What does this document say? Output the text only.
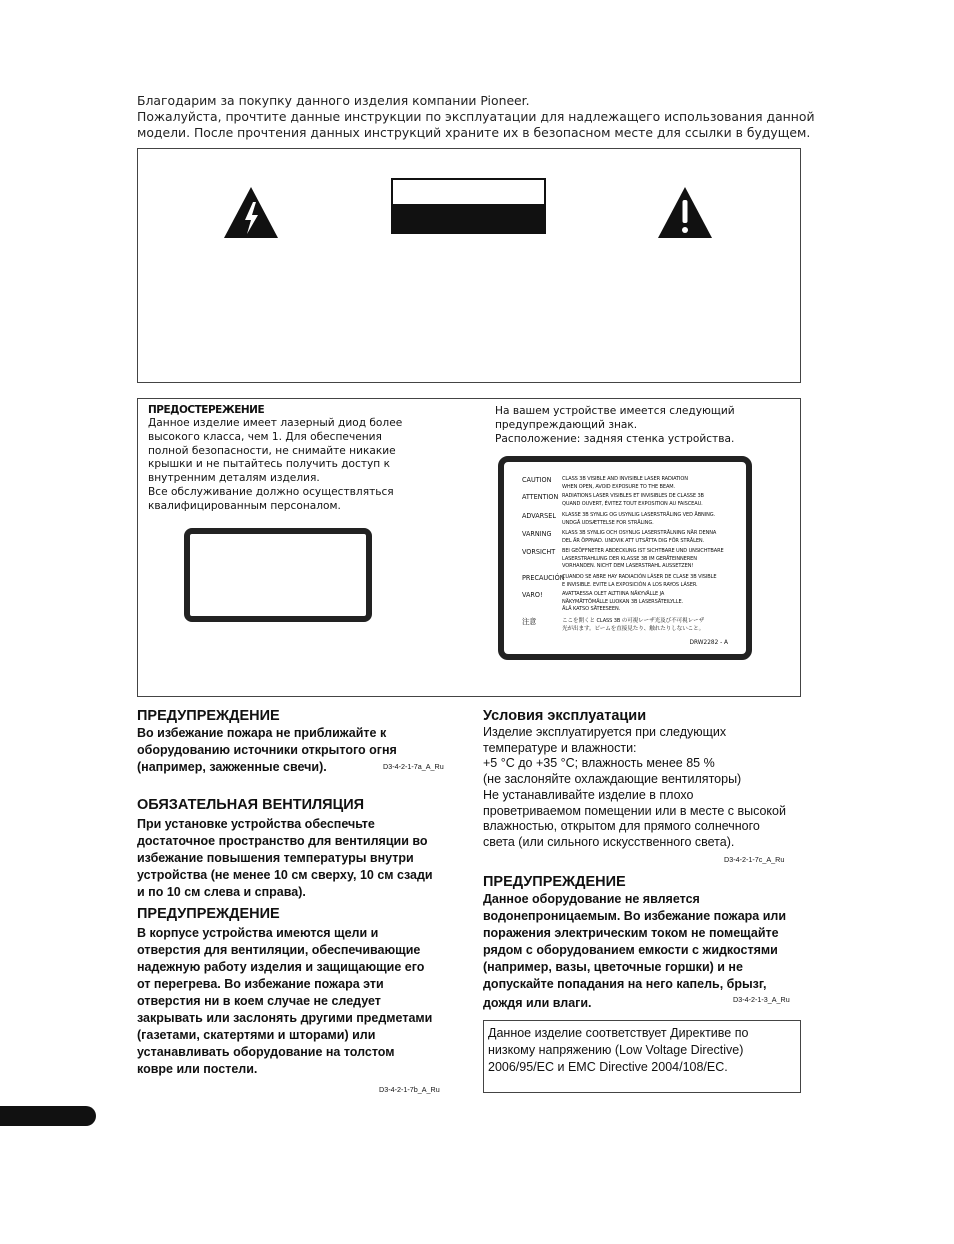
Благодарим за покупку данного изделия компании Pioneer.
Пожалуйста, прочтите данные инструкции по эксплуатации для надлежащего использования данной
модели. После прочтения данных инструкций храните их в безопасном месте для ссылки в будущем.
ПРЕДОСТЕРЕЖЕНИЕ
Данное изделие имеет лазерный диод более
высокого класса, чем 1. Для обеспечения
полной безопасности, не снимайте никакие
крышки и не пытайтесь получить доступ к
внутренним деталям изделия.
Все обслуживание должно осуществляться
квалифицированным персоналом.
На вашем устройстве имеется следующий
предупреждающий знак.
Расположение: задняя стенка устройства.
CAUTION	CLASS 3B VISIBLE AND INVISIBLE LASER RADIATION
WHEN OPEN, AVOID EXPOSURE TO THE BEAM.
ATTENTION RADIATIONS LASER VISIBLES ET INVISIBLES DE CLASSE 3B
QUAND OUVERT, ÉVITEZ TOUT EXPOSITION AU FAISCEAU.
ADVARSEL	KLASSE 3B SYNLIG OG USYNLIG LASERSTRÅLING VED ÅBNING.
UNDGÅ UDSÆTTELSE FOR STRÅLING.
VARNING	KLASS 3B SYNLIG OCH OSYNLIG LASERSTRÅLNING NÄR DENNA
DEL ÄR ÖPPNAD. UNDVIK ATT UTSÄTTA DIG FÖR STRÅLEN.
VORSICHT	BEI GEÖFFNETER ABDECKUNG IST SICHTBARE UND UNSICHTBARE
LASERSTRAHLUNG DER KLASSE 3B IM GERÄTEINNEREN
VORHANDEN. NICHT DEM LASERSTRAHL AUSSETZEN!
PRECAUCIÓN
CUANDO SE ABRE HAY RADIACIÓN LÁSER DE CLASE 3B VISIBLE
E INVISIBLE. EVITE LA EXPOSICIÓN A LOS RAYOS LÁSER.
VARO!	AVATTAESSA OLET ALTTIINA NÄKYVÄLLE JA
NÄKYMÄTTÖMÄLLE LUOKAN 3B LASERSÄTEILYLLE.
ÄLÄ KATSO SÄTEESEEN.
注意	ここを開くと CLASS 3B の可視レーザ光及び不可視レーザ
光が出ます。ビームを直接見たり、触れたりしないこと。
DRW2282 - A
ПРЕДУПРЕЖДЕНИЕ
Во избежание пожара не приближайте к
оборудованию источники открытого огня
(например, зажженные свечи).	D3-4-2-1-7a_A_Ru
ОБЯЗАТЕЛЬНАЯ ВЕНТИЛЯЦИЯ
При установке устройства обеспечьте
достаточное пространство для вентиляции во
избежание повышения температуры внутри
устройства (не менее 10 см сверху, 10 см сзади
и по 10 см слева и справа).
ПРЕДУПРЕЖДЕНИЕ
В корпусе устройства имеются щели и
отверстия для вентиляции, обеспечивающие
надежную работу изделия и защищающие его
от перегрева. Во избежание пожара эти
отверстия ни в коем случае не следует
закрывать или заслонять другими предметами
(газетами, скатертями и шторами) или
устанавливать оборудование на толстом
ковре или постели.
D3-4-2-1-7b_A_Ru
Условия эксплуатации
Изделие эксплуатируется при следующих
температуре и влажности:
+5 °C до +35 °C; влажность менее 85 %
(не заслоняйте охлаждающие вентиляторы)
Не устанавливайте изделие в плохо
проветриваемом помещении или в месте с высокой
влажностью, открытом для прямого солнечного
света (или сильного искусственного света).
D3-4-2-1-7c_A_Ru
ПРЕДУПРЕЖДЕНИЕ
Данное оборудование не является
водонепроницаемым. Во избежание пожара или
поражения электрическим током не помещайте
рядом с оборудованием емкости с жидкостями
(например, вазы, цветочные горшки) и не
допускайте попадания на него капель, брызг,
дождя или влаги.	D3-4-2-1-3_A_Ru
Данное изделие соответствует Директиве по
низкому напряжению (Low Voltage Directive)
2006/95/EC и EMC Directive 2004/108/EC.
